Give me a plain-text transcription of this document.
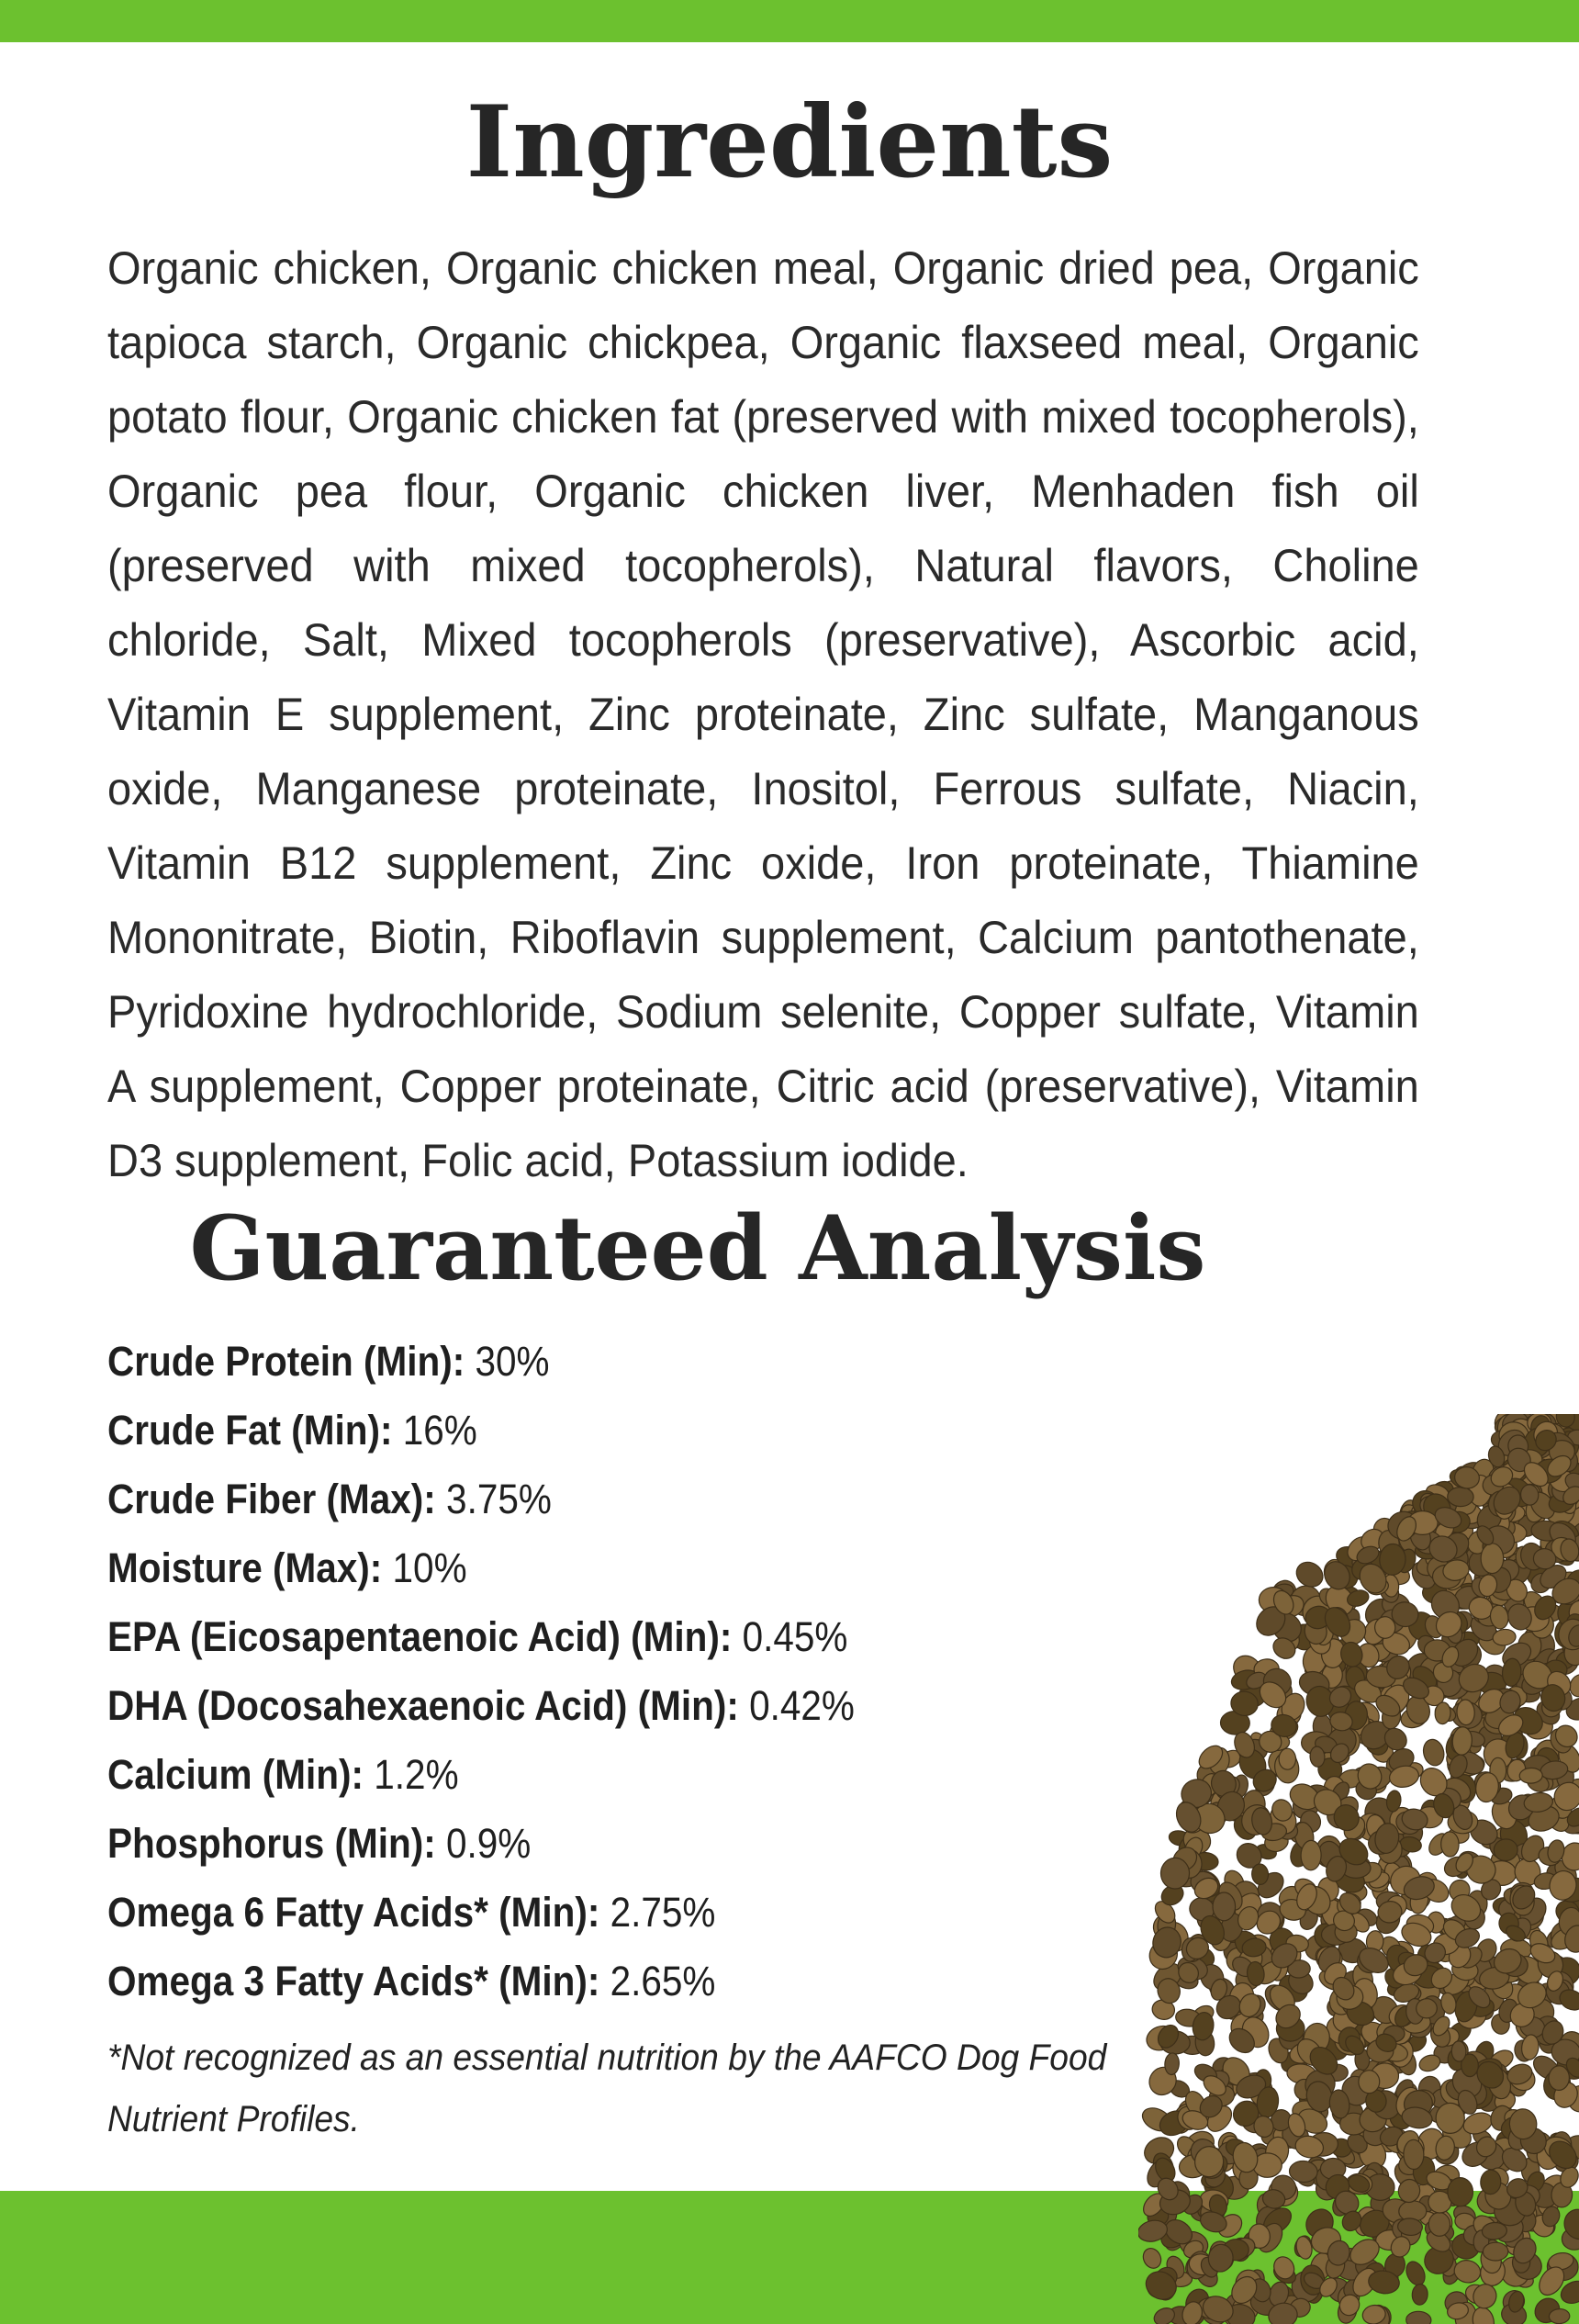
Ingredients

Organic chicken, Organic chicken meal, Organic dried pea, Organic tapioca starch, Organic chickpea, Organic flaxseed meal, Organic potato flour, Organic chicken fat (preserved with mixed tocopherols), Organic pea flour, Organic chicken liver, Menhaden fish oil (preserved with mixed tocopherols), Natural flavors, Choline chloride, Salt, Mixed tocopherols (preservative), Ascorbic acid, Vitamin E supplement, Zinc proteinate, Zinc sulfate, Manganous oxide, Manganese proteinate, Inositol, Ferrous sulfate, Niacin, Vitamin B12 supplement, Zinc oxide, Iron proteinate, Thiamine Mononitrate, Biotin, Riboflavin supplement, Calcium pantothenate, Pyridoxine hydrochloride, Sodium selenite, Copper sulfate, Vitamin A supplement, Copper proteinate, Citric acid (preservative), Vitamin D3 supplement, Folic acid, Potassium iodide.

Guaranteed Analysis
Crude Protein (Min): 30%
Crude Fat (Min): 16%
Crude Fiber (Max): 3.75%
Moisture (Max): 10%
EPA (Eicosapentaenoic Acid) (Min): 0.45%
DHA (Docosahexaenoic Acid) (Min): 0.42%
Calcium (Min): 1.2%
Phosphorus (Min): 0.9%
Omega 6 Fatty Acids* (Min): 2.75%
Omega 3 Fatty Acids* (Min): 2.65%

*Not recognized as an essential nutrition by the AAFCO Dog Food Nutrient Profiles.
